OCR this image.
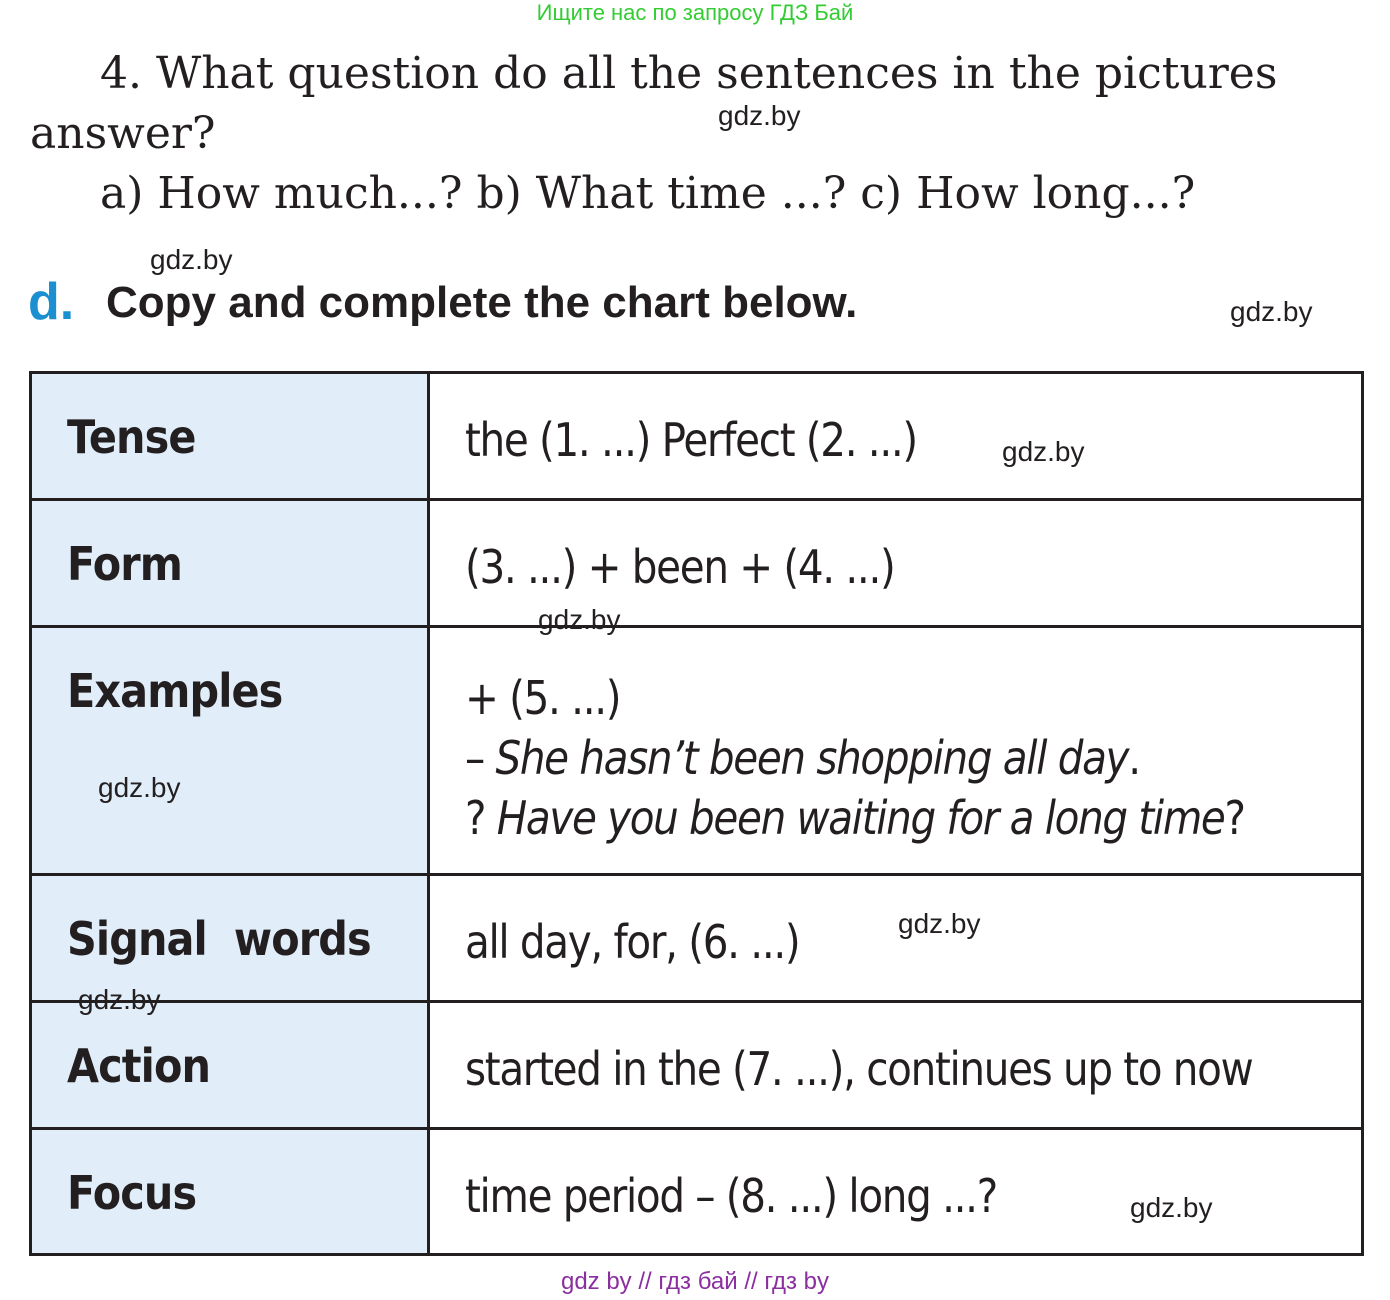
Ищите нас по запросу ГДЗ Бай
4. What question do all the sentences in the pictures
answer?
a) How much...? b) What time ...? c) How long...?
gdz.by
gdz.by
gdz.by
d. Copy and complete the chart below.
Tense	the (1. ...) Perfect (2. ...)
Form	(3. ...) + been + (4. ...)
Examples	+ (5. ...)
– She hasn’t been shopping all day.
? Have you been waiting for a long time?
Signal  words	all day, for, (6. ...)
Action	started in the (7. ...), continues up to now
Focus	time period – (8. ...) long ...?
gdz.by
gdz.by
gdz.by
gdz.by
gdz.by
gdz.by
gdz by // гдз бай // гдз by
